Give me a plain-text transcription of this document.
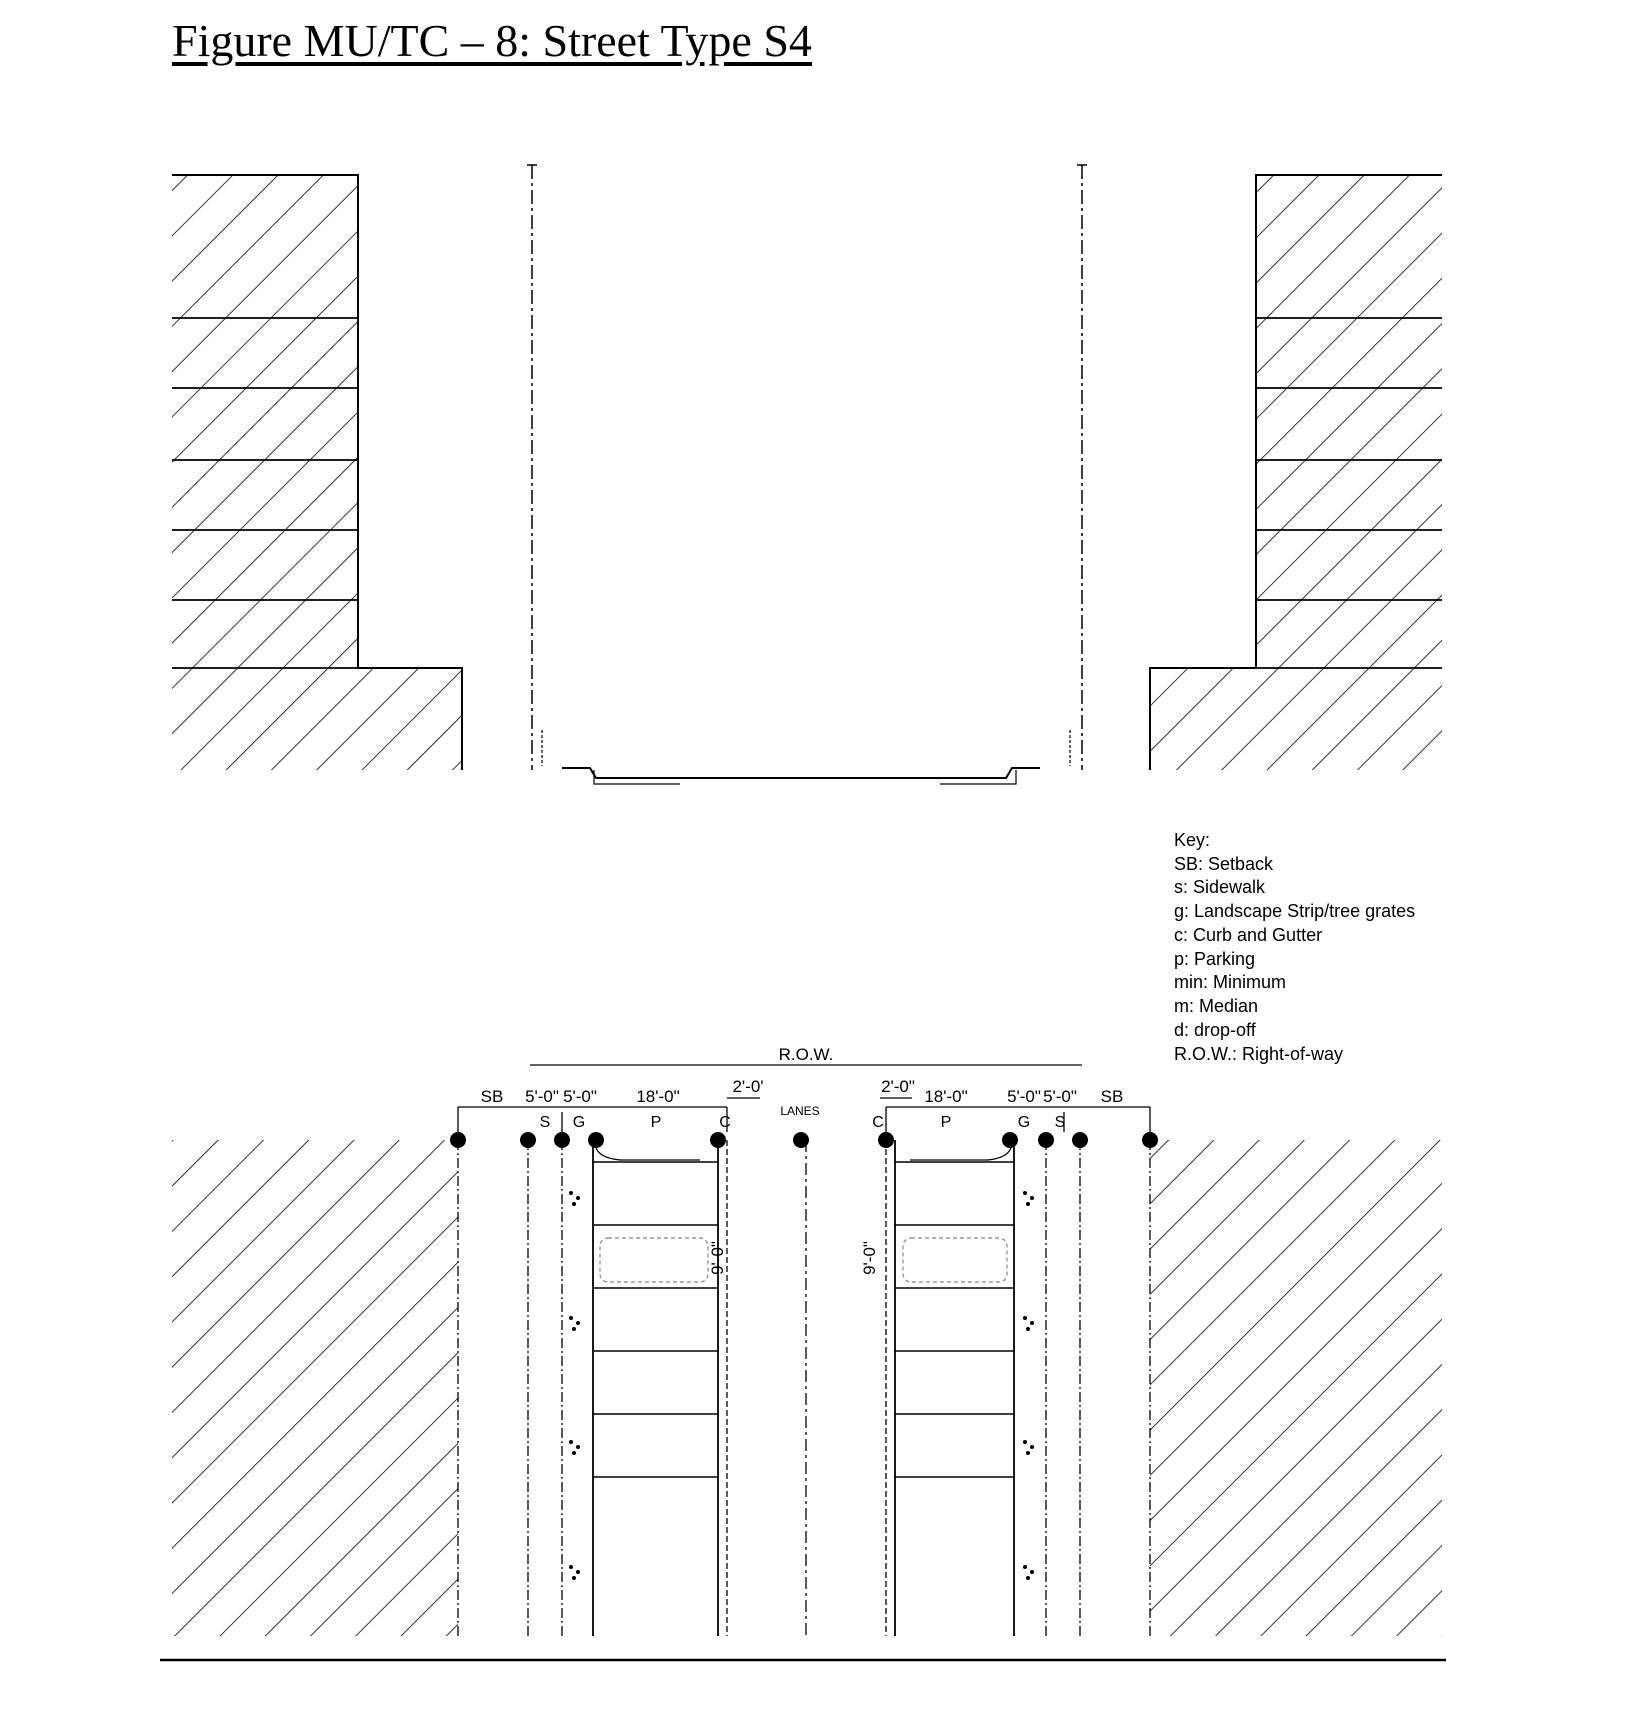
Figure MU/TC – 8: Street Type S4
Key:
SB: Setback
s: Sidewalk
g: Landscape Strip/tree grates
c: Curb and Gutter
p: Parking
min: Minimum
m: Median
d: drop-off
R.O.W.: Right-of-way
R.O.W.
SB 5'-0" 5'-0" 18'-0"
2'-0'
S G	P	C
LANES
2'-0"
18'-0" 5'-0" 5'-0" SB
C	P	G S
9'-0"	9'-0"
